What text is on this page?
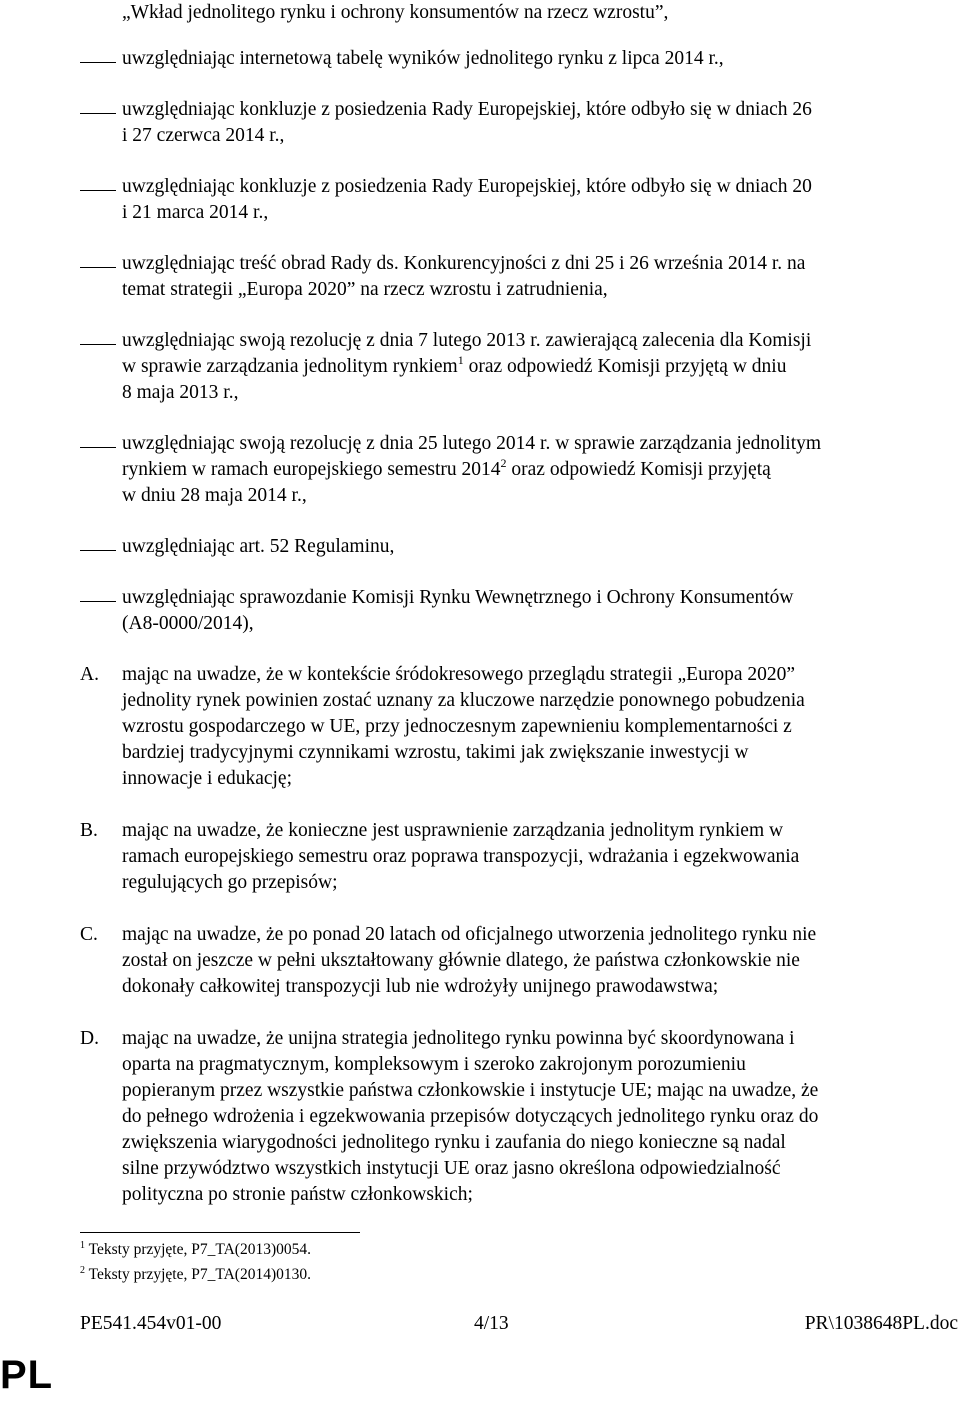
„Wkład jednolitego rynku i ochrony konsumentów na rzecz wzrostu”,
uwzględniając internetową tabelę wyników jednolitego rynku z lipca 2014 r.,
uwzględniając konkluzje z posiedzenia Rady Europejskiej, które odbyło się w dniach 26
i 27 czerwca 2014 r.,
uwzględniając konkluzje z posiedzenia Rady Europejskiej, które odbyło się w dniach 20
i 21 marca 2014 r.,
uwzględniając treść obrad Rady ds. Konkurencyjności z dni 25 i 26 września 2014 r. na
temat strategii „Europa 2020” na rzecz wzrostu i zatrudnienia,
uwzględniając swoją rezolucję z dnia 7 lutego 2013 r. zawierającą zalecenia dla Komisji
w sprawie zarządzania jednolitym rynkiem$^1$ oraz odpowiedź Komisji przyjętą w dniu
8 maja 2013 r.,
uwzględniając swoją rezolucję z dnia 25 lutego 2014 r. w sprawie zarządzania jednolitym
rynkiem w ramach europejskiego semestru 2014$^2$ oraz odpowiedź Komisji przyjętą
w dniu 28 maja 2014 r.,
uwzględniając art. 52 Regulaminu,
uwzględniając sprawozdanie Komisji Rynku Wewnętrznego i Ochrony Konsumentów
(A8-0000/2014),
A. mając na uwadze, że w kontekście śródokresowego przeglądu strategii „Europa 2020”
jednolity rynek powinien zostać uznany za kluczowe narzędzie ponownego pobudzenia
wzrostu gospodarczego w UE, przy jednoczesnym zapewnieniu komplementarności z
bardziej tradycyjnymi czynnikami wzrostu, takimi jak zwiększanie inwestycji w
innowacje i edukację;
B. mając na uwadze, że konieczne jest usprawnienie zarządzania jednolitym rynkiem w
ramach europejskiego semestru oraz poprawa transpozycji, wdrażania i egzekwowania
regulujących go przepisów;
C. mając na uwadze, że po ponad 20 latach od oficjalnego utworzenia jednolitego rynku nie
został on jeszcze w pełni ukształtowany głównie dlatego, że państwa członkowskie nie
dokonały całkowitej transpozycji lub nie wdrożyły unijnego prawodawstwa;
D. mając na uwadze, że unijna strategia jednolitego rynku powinna być skoordynowana i
oparta na pragmatycznym, kompleksowym i szeroko zakrojonym porozumieniu
popieranym przez wszystkie państwa członkowskie i instytucje UE; mając na uwadze, że
do pełnego wdrożenia i egzekwowania przepisów dotyczących jednolitego rynku oraz do
zwiększenia wiarygodności jednolitego rynku i zaufania do niego konieczne są nadal
silne przywództwo wszystkich instytucji UE oraz jasno określona odpowiedzialność
polityczna po stronie państw członkowskich;
$^1$ Teksty przyjęte, P7_TA(2013)0054.
$^2$ Teksty przyjęte, P7_TA(2014)0130.
PE541.454v01-00	4/13	PR\1038648PL.doc
PL
